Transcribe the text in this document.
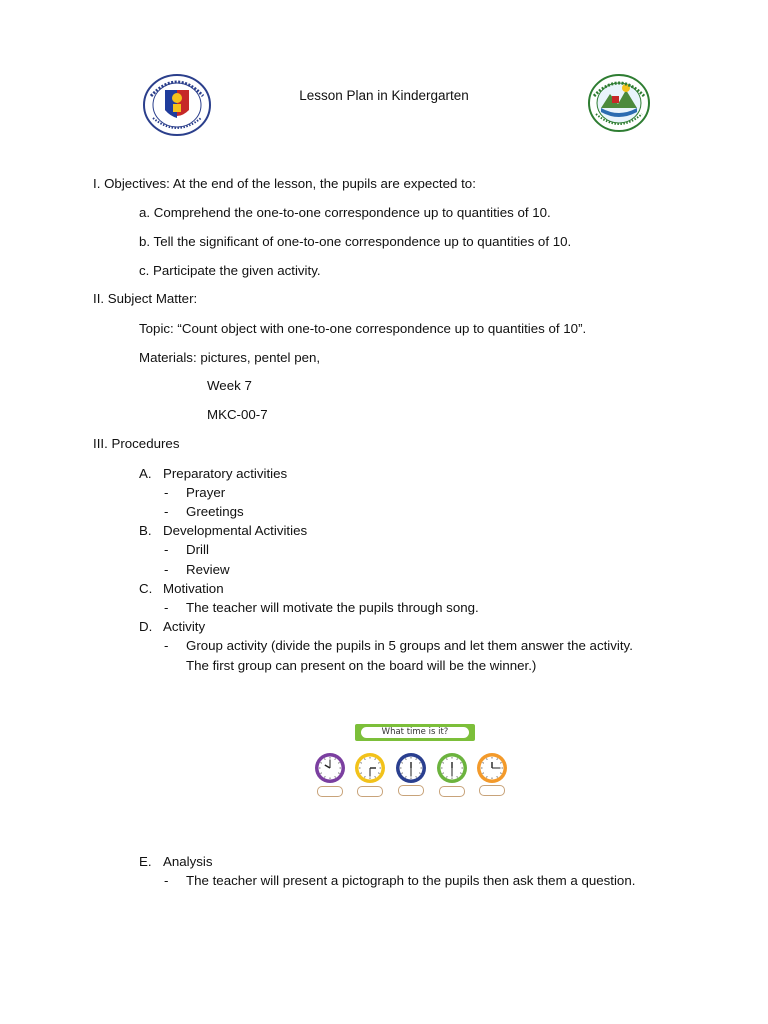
Lesson Plan in Kindergarten
I. Objectives: At the end of the lesson, the pupils are expected to:
a. Comprehend the one-to-one correspondence up to quantities of 10.
b. Tell the significant of one-to-one correspondence up to quantities of 10.
c. Participate the given activity.
II. Subject Matter:
Topic: “Count object with one-to-one correspondence up to quantities of 10”.
Materials: pictures, pentel pen,
Week 7
MKC-00-7
III. Procedures
A. Preparatory activities
- Prayer
- Greetings
B. Developmental Activities
- Drill
- Review
C. Motivation
- The teacher will motivate the pupils through song.
D. Activity
- Group activity (divide the pupils in 5 groups and let them answer the activity.
The first group can present on the board will be the winner.)
What time is it?
E. Analysis
- The teacher will present a pictograph to the pupils then ask them a question.
